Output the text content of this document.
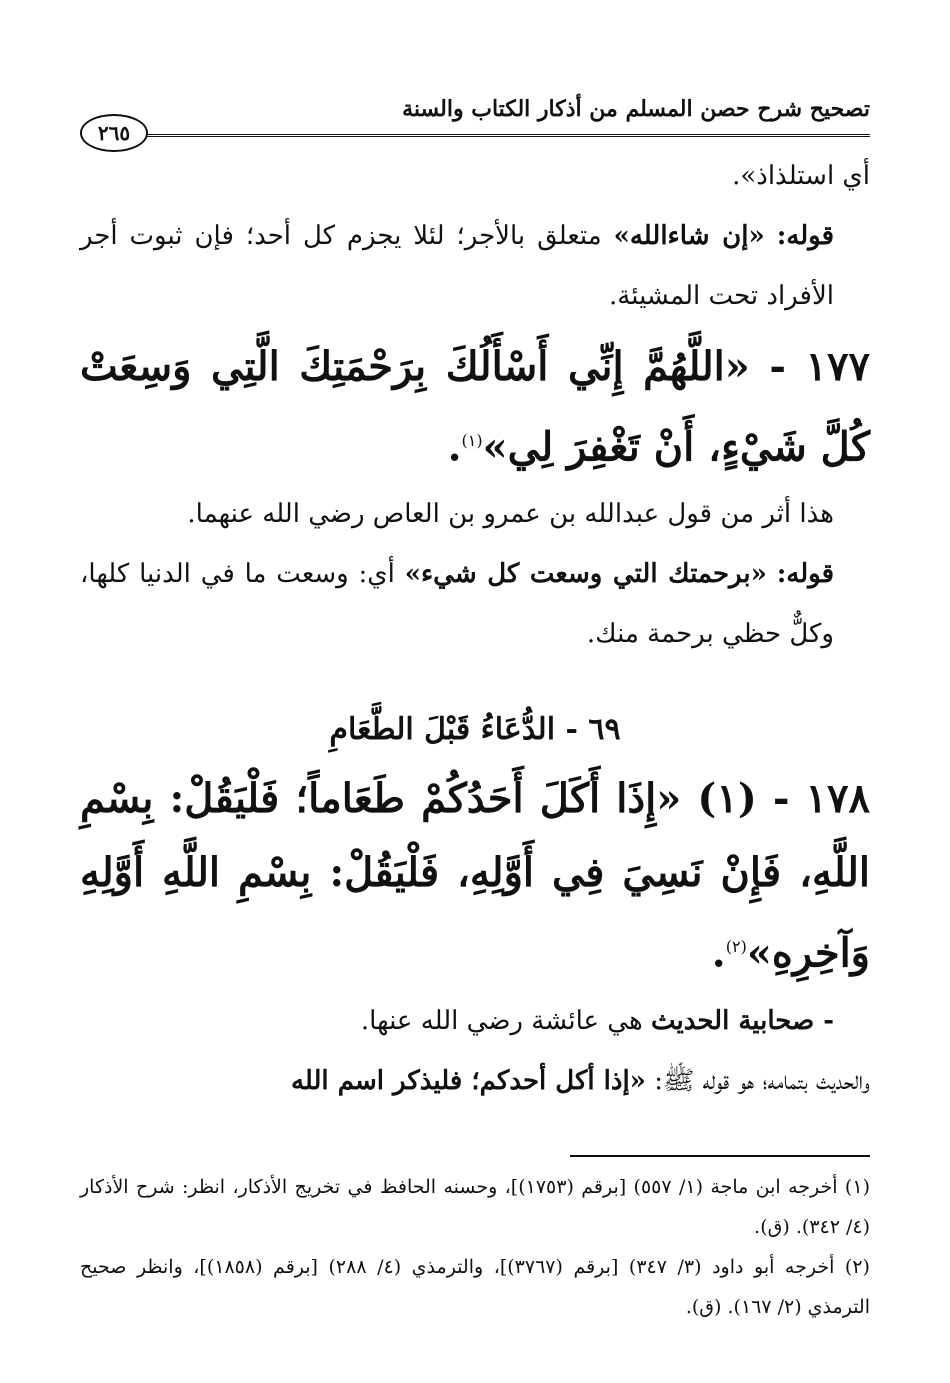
تصحيح شرح حصن المسلم من أذكار الكتاب والسنة
٢٦٥

أي استلذاذ».

قوله: «إن شاءالله» متعلق بالأجر؛ لئلا يجزم كل أحد؛ فإن ثبوت أجر الأفراد تحت المشيئة.

١٧٧ - «اللَّهُمَّ إِنِّي أَسْأَلُكَ بِرَحْمَتِكَ الَّتِي وَسِعَتْ كُلَّ شَيْءٍ، أَنْ تَغْفِرَ لِي»$^{(١)}$.

هذا أثر من قول عبدالله بن عمرو بن العاص رضي الله عنهما.

قوله: «برحمتك التي وسعت كل شيء» أي: وسعت ما في الدنيا كلها، وكلٌّ حظي برحمة منك.

٦٩ - الدُّعَاءُ قَبْلَ الطَّعَامِ

١٧٨ - (١) «إِذَا أَكَلَ أَحَدُكُمْ طَعَاماً؛ فَلْيَقُلْ: بِسْمِ اللَّهِ، فَإِنْ نَسِيَ فِي أَوَّلِهِ، فَلْيَقُلْ: بِسْمِ اللَّهِ أَوَّلِهِ وَآخِرِهِ»$^{(٢)}$.

- صحابية الحديث هي عائشة رضي الله عنها.

والحديث بتمامه؛ هو قوله ﷺ: «إذا أكل أحدكم؛ فليذكر اسم الله

(١) أخرجه ابن ماجة (١/ ٥٥٧) [برقم (١٧٥٣)]، وحسنه الحافظ في تخريج الأذكار، انظر: شرح الأذكار (٤/ ٣٤٢). (ق).

(٢) أخرجه أبو داود (٣/ ٣٤٧) [برقم (٣٧٦٧)]، والترمذي (٤/ ٢٨٨) [برقم (١٨٥٨)]، وانظر صحيح الترمذي (٢/ ١٦٧). (ق).
